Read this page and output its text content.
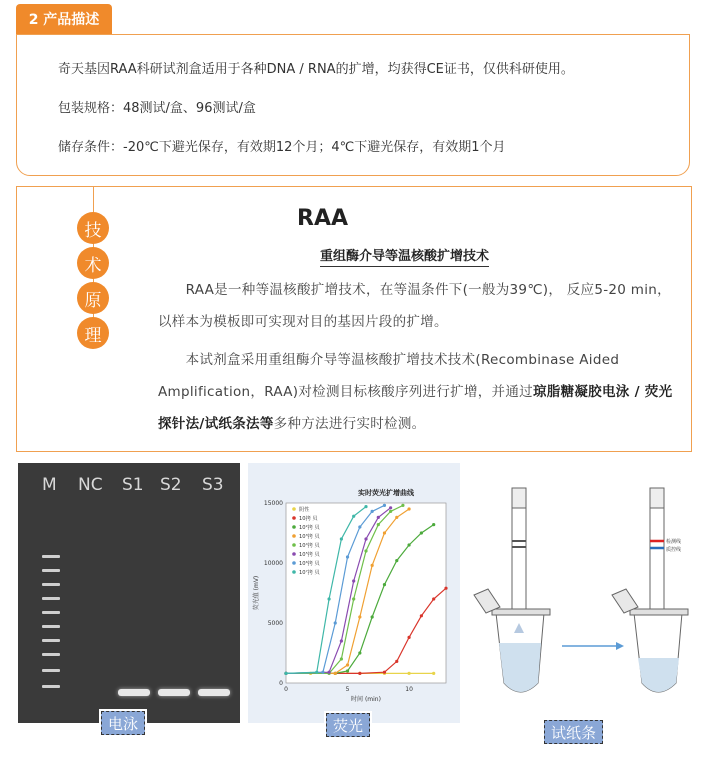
2 产品描述
奇天基因RAA科研试剂盒适用于各种DNA / RNA的扩增，均获得CE证书，仅供科研使用。
包装规格：48测试/盒、96测试/盒
储存条件：-20℃下避光保存，有效期12个月；4℃下避光保存，有效期1个月
技
术
原
理
RAA
重组酶介导等温核酸扩增技术
　　RAA是一种等温核酸扩增技术，在等温条件下(一般为39℃)， 反应5-20 min，以样本为模板即可实现对目的基因片段的扩增。
　　本试剂盒采用重组酶介导等温核酸扩增技术技术(Recombinase Aided Amplification，RAA)对检测目标核酸序列进行扩增，并通过琼脂糖凝胶电泳 / 荧光探针法/试纸条法等多种方法进行实时检测。
M NC S1 S2 S3
电泳
实时荧光扩增曲线
0
5000
10000
15000
0	5	10
时间 (min)
荧光值 (mV)
阴性
10拷 贝
10²拷 贝
10³拷 贝
10⁴拷 贝
10⁵拷 贝
10⁶拷 贝
10⁷拷 贝
荧光
检测线
质控线
试纸条
